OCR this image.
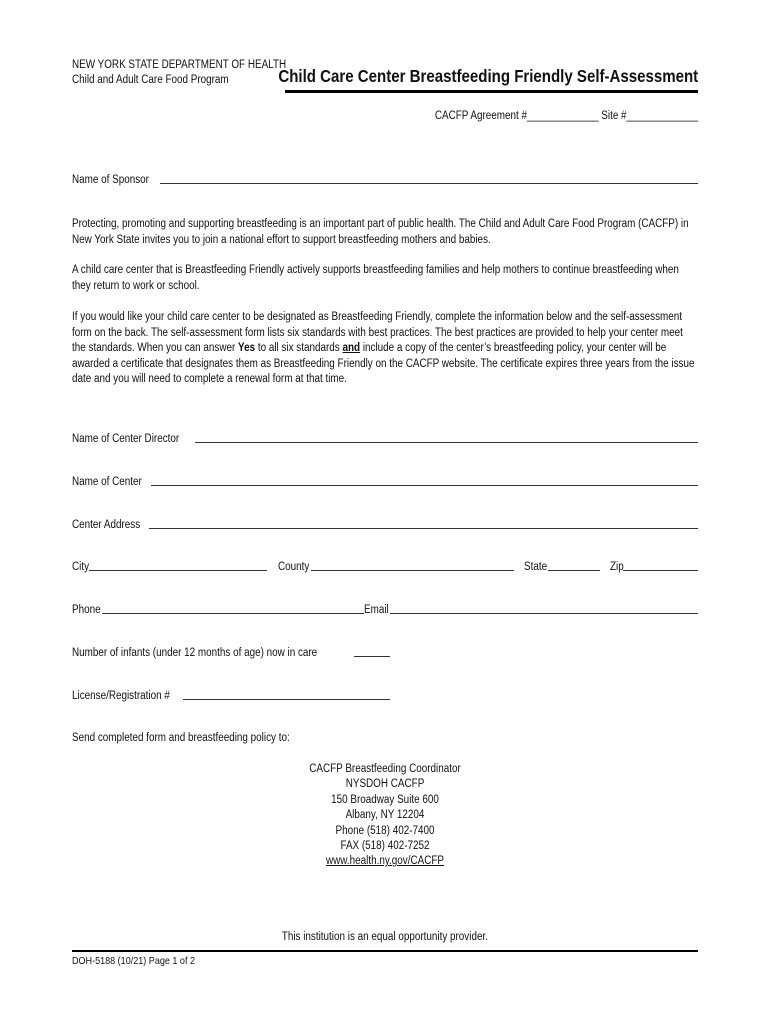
NEW YORK STATE DEPARTMENT OF HEALTH
Child and Adult Care Food Program	Child Care Center Breastfeeding Friendly Self-Assessment
CACFP Agreement #_____________ Site #_____________
Name of Sponsor

Protecting, promoting and supporting breastfeeding is an important part of public health. The Child and Adult Care Food Program (CACFP) in New York State invites you to join a national effort to support breastfeeding mothers and babies.

A child care center that is Breastfeeding Friendly actively supports breastfeeding families and help mothers to continue breastfeeding when they return to work or school.

If you would like your child care center to be designated as Breastfeeding Friendly, complete the information below and the self-assessment form on the back. The self-assessment form lists six standards with best practices. The best practices are provided to help your center meet the standards. When you can answer Yes to all six standards and include a copy of the center’s breastfeeding policy, your center will be awarded a certificate that designates them as Breastfeeding Friendly on the CACFP website. The certificate expires three years from the issue date and you will need to complete a renewal form at that time.

Name of Center Director
Name of Center
Center Address
City	County	State	Zip
Phone	Email
Number of infants (under 12 months of age) now in care
License/Registration #
Send completed form and breastfeeding policy to:
CACFP Breastfeeding Coordinator
NYSDOH CACFP
150 Broadway Suite 600
Albany, NY 12204
Phone (518) 402-7400
FAX (518) 402-7252
www.health.ny.gov/CACFP
This institution is an equal opportunity provider.
DOH-5188 (10/21) Page 1 of 2
